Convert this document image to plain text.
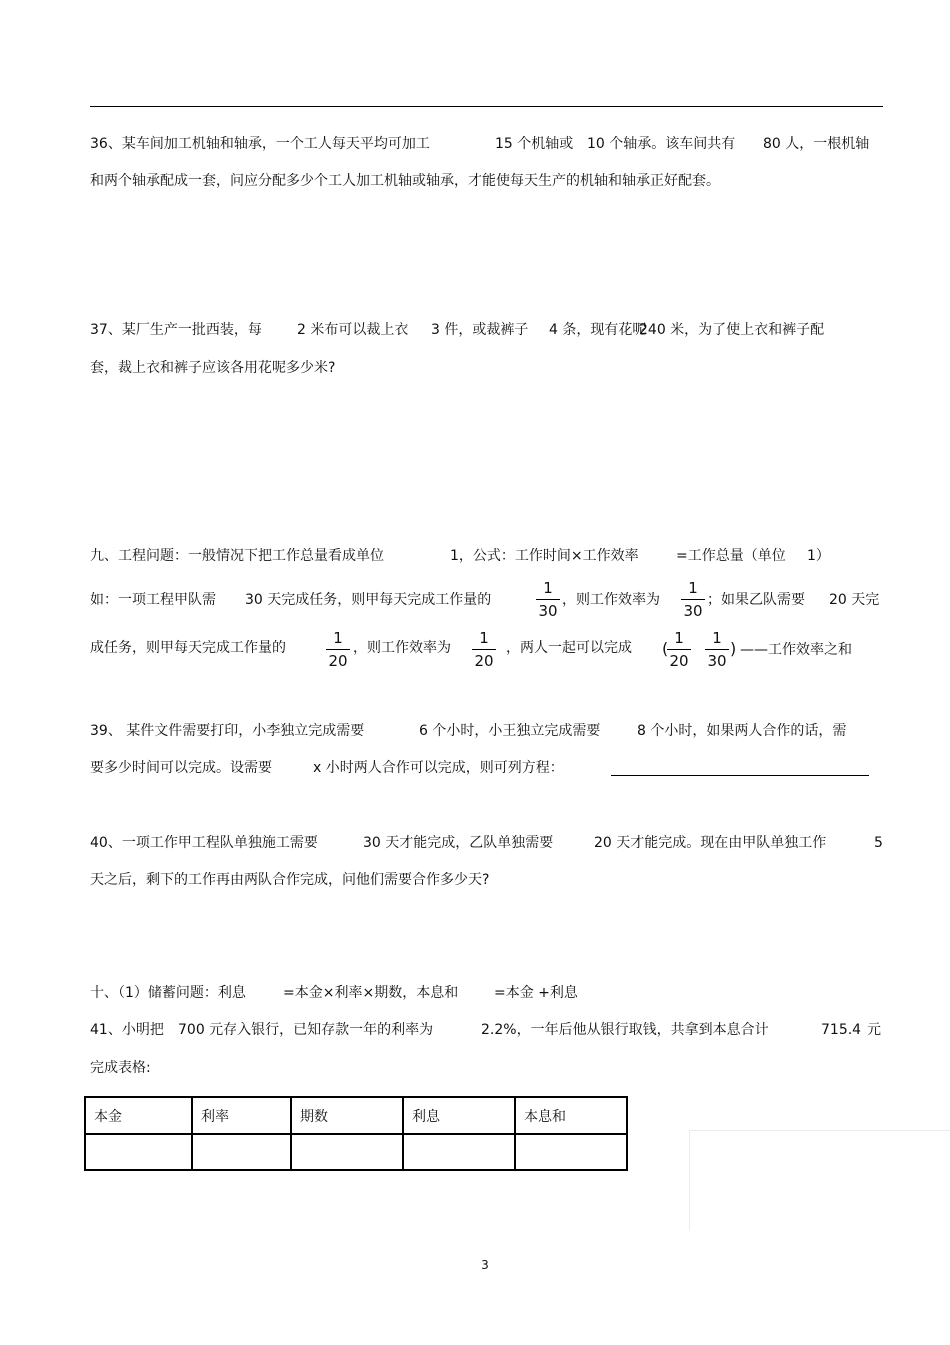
36、某车间加工机轴和轴承，一个工人每天平均可加工	15 个机轴或 10 个轴承。该车间共有 80 人，一根机轴
和两个轴承配成一套，问应分配多少个工人加工机轴或轴承，才能使每天生产的机轴和轴承正好配套。
37、某厂生产一批西装，每	2 米布可以裁上衣 3 件，或裁裤子 4 条，现有花呢
240 米，为了使上衣和裤子配
套，裁上衣和裤子应该各用花呢多少米?
九、工程问题：一般情况下把工作总量看成单位	1，公式：工作时间×工作效率	=工作总量（单位 1）
如：一项工程甲队需 30 天完成任务，则甲每天完成工作量的
1
30
，则工作效率为
1
30
；如果乙队需要 20 天完
成任务，则甲每天完成工作量的
1
20
，则工作效率为
1
20
，两人一起可以完成 (
1
20
1
30
) ——工作效率之和
39、 某件文件需要打印，小李独立完成需要	6 个小时，小王独立完成需要	8 个小时，如果两人合作的话，需
要多少时间可以完成。设需要	x 小时两人合作可以完成，则可列方程：
40、一项工作甲工程队单独施工需要	30 天才能完成，乙队单独需要	20 天才能完成。现在由甲队单独工作	5
天之后，剩下的工作再由两队合作完成，问他们需要合作多少天?
十、（1）储蓄问题：利息	=本金×利率×期数，本息和	=本金 +利息
41、小明把 700 元存入银行，已知存款一年的利率为	2.2%，一年后他从银行取钱，共拿到本息合计	715.4 元
完成表格:
本金	利率	期数	利息	本息和

3
